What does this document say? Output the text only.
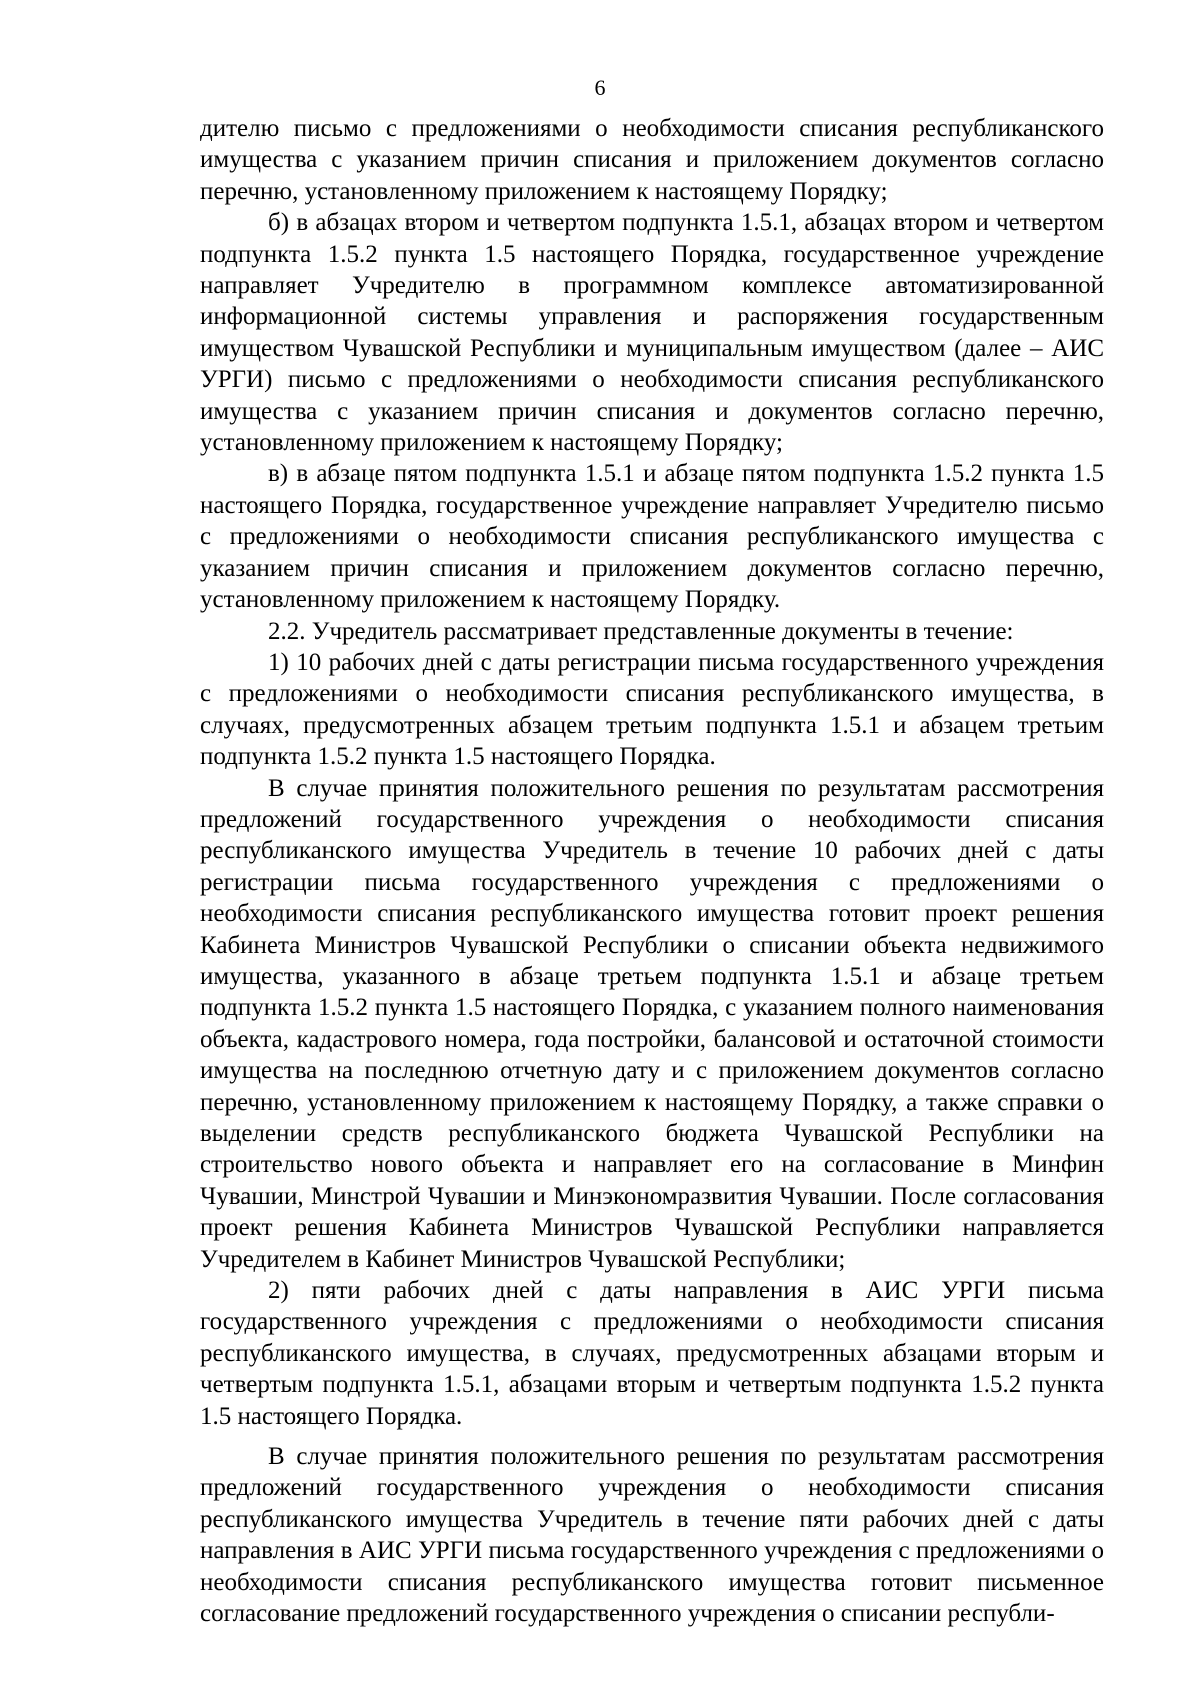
6

дителю письмо с предложениями о необходимости списания республиканского имущества с указанием причин списания и приложением документов согласно перечню, установленному приложением к настоящему Порядку;

б) в абзацах втором и четвертом подпункта 1.5.1, абзацах втором и четвертом подпункта 1.5.2 пункта 1.5 настоящего Порядка, государственное учреждение направляет Учредителю в программном комплексе автоматизированной информационной системы управления и распоряжения государственным имуществом Чувашской Республики и муниципальным имуществом (далее – АИС УРГИ) письмо с предложениями о необходимости списания республиканского имущества с указанием причин списания и документов согласно перечню, установленному приложением к настоящему Порядку;

в) в абзаце пятом подпункта 1.5.1 и абзаце пятом подпункта 1.5.2 пункта 1.5 настоящего Порядка, государственное учреждение направляет Учредителю письмо с предложениями о необходимости списания республиканского имущества с указанием причин списания и приложением документов согласно перечню, установленному приложением к настоящему Порядку.

2.2. Учредитель рассматривает представленные документы в течение:

1) 10 рабочих дней с даты регистрации письма государственного учреждения с предложениями о необходимости списания республиканского имущества, в случаях, предусмотренных абзацем третьим подпункта 1.5.1 и абзацем третьим подпункта 1.5.2 пункта 1.5 настоящего Порядка.

В случае принятия положительного решения по результатам рассмотрения предложений государственного учреждения о необходимости списания республиканского имущества Учредитель в течение 10 рабочих дней с даты регистрации письма государственного учреждения с предложениями о необходимости списания республиканского имущества готовит проект решения Кабинета Министров Чувашской Республики о списании объекта недвижимого имущества, указанного в абзаце третьем подпункта 1.5.1 и абзаце третьем подпункта 1.5.2 пункта 1.5 настоящего Порядка, с указанием полного наименования объекта, кадастрового номера, года постройки, балансовой и остаточной стоимости имущества на последнюю отчетную дату и с приложением документов согласно перечню, установленному приложением к настоящему Порядку, а также справки о выделении средств республиканского бюджета Чувашской Республики на строительство нового объекта и направляет его на согласование в Минфин Чувашии, Минстрой Чувашии и Минэкономразвития Чувашии. После согласования проект решения Кабинета Министров Чувашской Республики направляется Учредителем в Кабинет Министров Чувашской Республики;

2) пяти рабочих дней с даты направления в АИС УРГИ письма государственного учреждения с предложениями о необходимости списания республиканского имущества, в случаях, предусмотренных абзацами вторым и четвертым подпункта 1.5.1, абзацами вторым и четвертым подпункта 1.5.2 пункта 1.5 настоящего Порядка.

В случае принятия положительного решения по результатам рассмотрения предложений государственного учреждения о необходимости списания республиканского имущества Учредитель в течение пяти рабочих дней с даты направления в АИС УРГИ письма государственного учреждения с предложениями о необходимости списания республиканского имущества готовит письменное согласование предложений государственного учреждения о списании республи-
